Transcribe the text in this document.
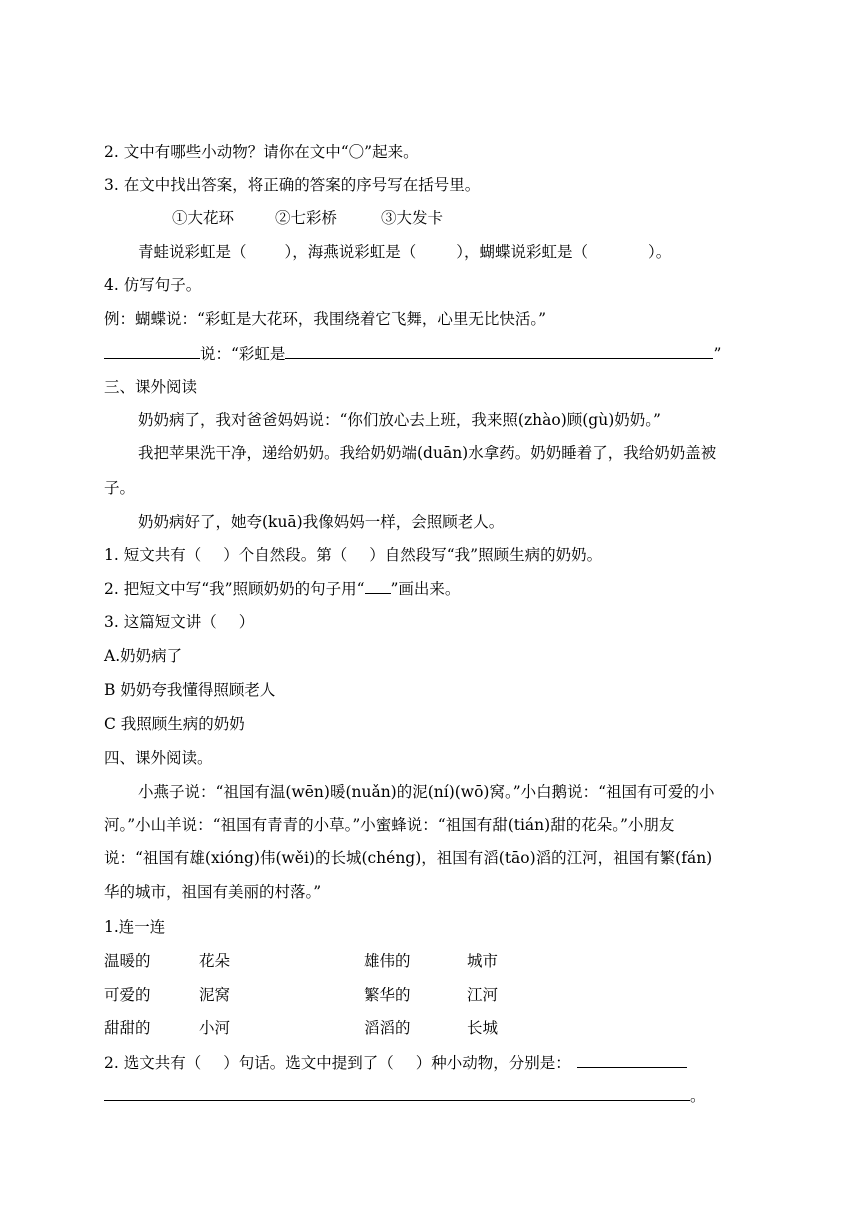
2. 文中有哪些小动物？请你在文中“〇”起来。
3. 在文中找出答案，将正确的答案的序号写在括号里。
①大花环	②七彩桥	③大发卡
青蛙说彩虹是（ ），海燕说彩虹是（	），蝴蝶说彩虹是（	）。
4. 仿写句子。
例：蝴蝶说：“彩虹是大花环，我围绕着它飞舞，心里无比快活。”
说：“彩虹是	”
三、课外阅读
奶奶病了，我对爸爸妈妈说：“你们放心去上班，我来照(zhào)顾(gù)奶奶。”
我把苹果洗干净，递给奶奶。我给奶奶端(duān)水拿药。奶奶睡着了，我给奶奶盖被
子。
奶奶病好了，她夸(kuā)我像妈妈一样，会照顾老人。
1. 短文共有（ ）个自然段。第（ ）自然段写“我”照顾生病的奶奶。
2. 把短文中写“我”照顾奶奶的句子用“ ”画出来。
3. 这篇短文讲（ ）
A.奶奶病了
B 奶奶夸我懂得照顾老人
C 我照顾生病的奶奶
四、课外阅读。
小燕子说：“祖国有温(wēn)暖(nuǎn)的泥(ní)(wō)窝。”小白鹅说：“祖国有可爱的小
河。”小山羊说：“祖国有青青的小草。”小蜜蜂说：“祖国有甜(tián)甜的花朵。”小朋友
说：“祖国有雄(xióng)伟(wěi)的长城(chéng)，祖国有滔(tāo)滔的江河，祖国有繁(fán)
华的城市，祖国有美丽的村落。”
1.连一连
温暖的	花朵	雄伟的	城市
可爱的	泥窝	繁华的	江河
甜甜的	小河	滔滔的	长城
2. 选文共有（ ）句话。选文中提到了（ ）种小动物，分别是：
。
